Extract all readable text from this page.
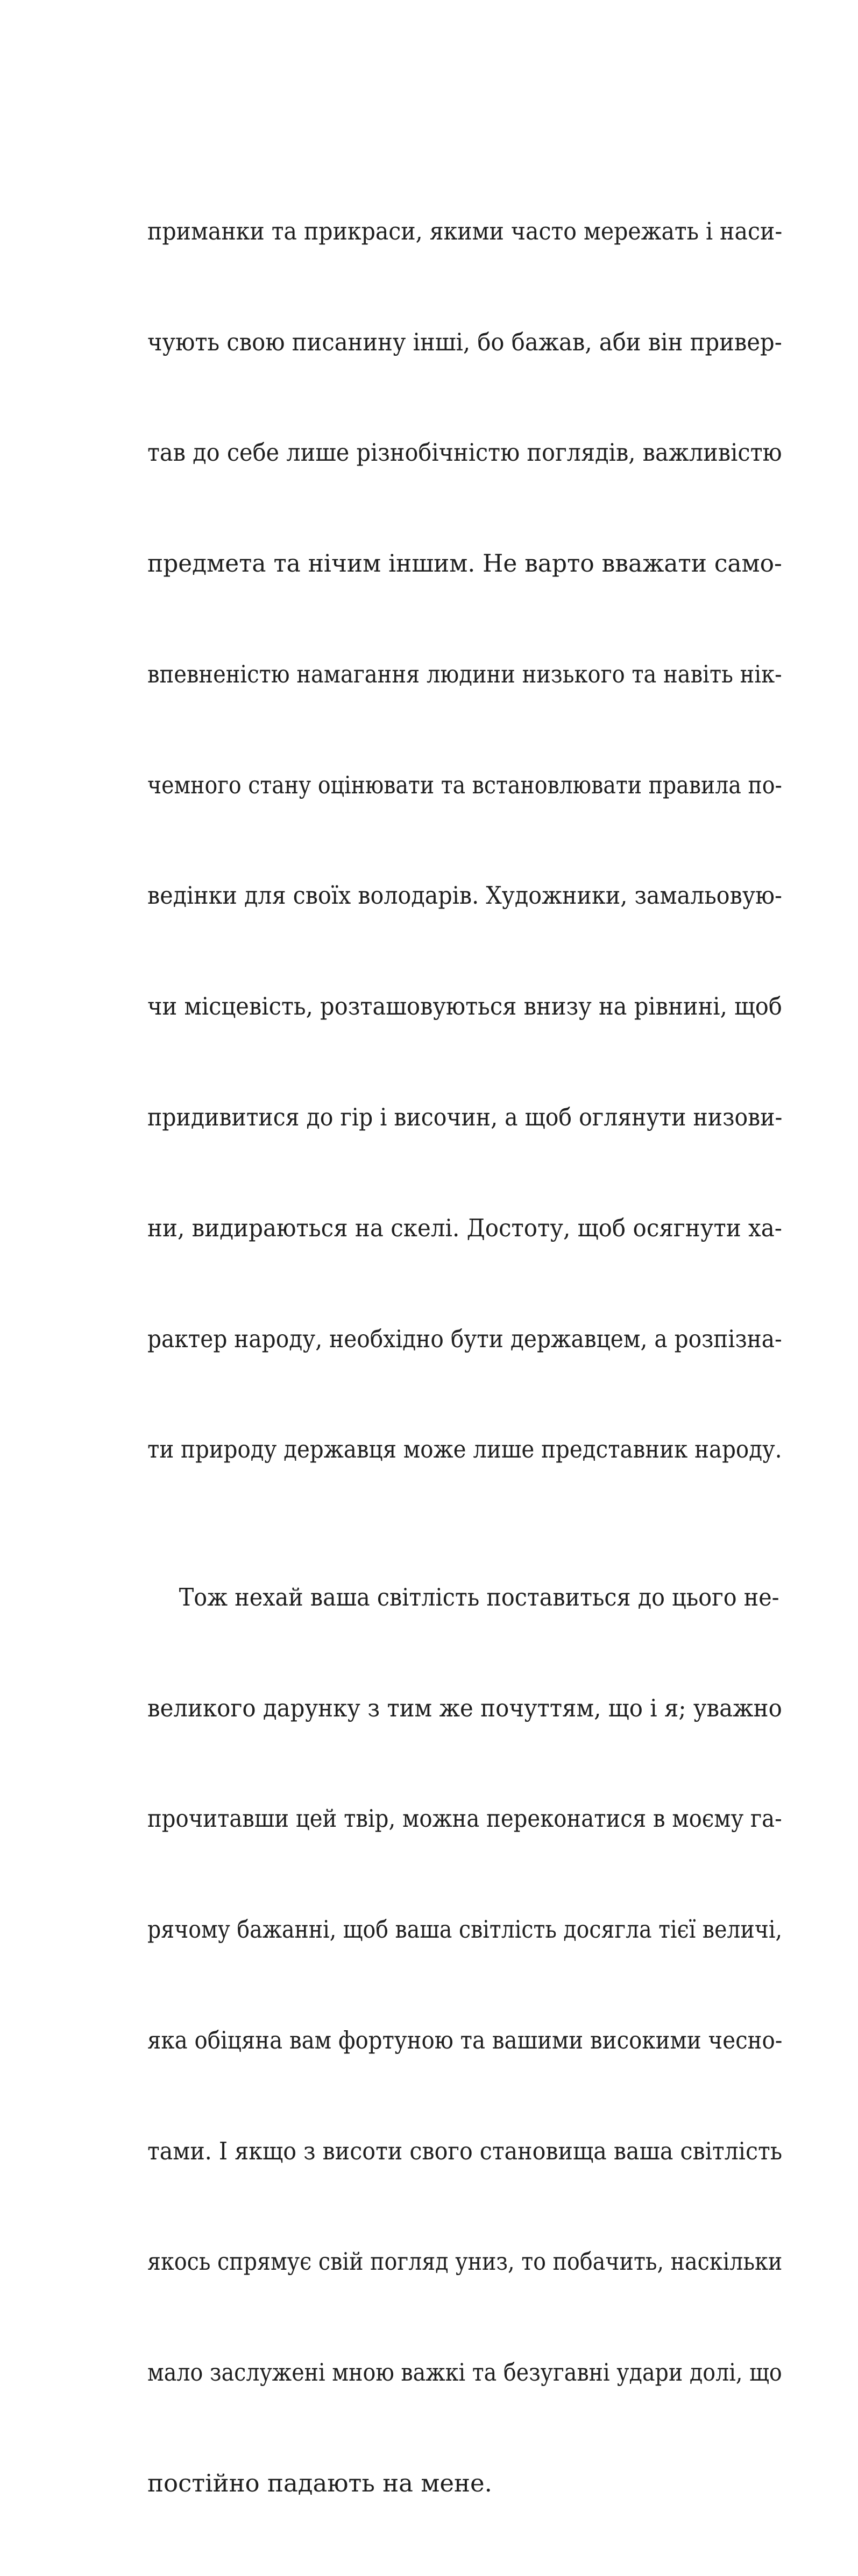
приманки та прикраси, якими часто мережать і наси-

чують свою писанину інші, бо бажав, аби він привер-

тав до себе лише різнобічністю поглядів, важливістю

предмета та нічим іншим. Не варто вважати само-

впевненістю намагання людини низького та навіть нік-

чемного стану оцінювати та встановлювати правила по-

ведінки для своїх володарів. Художники, замальовую-

чи місцевість, розташовуються внизу на рівнині, щоб

придивитися до гір і височин, а щоб оглянути низови-

ни, видираються на скелі. Достоту, щоб осягнути ха-

рактер народу, необхідно бути державцем, а розпізна-

ти природу державця може лише представник народу.

Тож нехай ваша світлість поставиться до цього не-

великого дарунку з тим же почуттям, що і я; уважно

прочитавши цей твір, можна переконатися в моєму га-

рячому бажанні, щоб ваша світлість досягла тієї величі,

яка обіцяна вам фортуною та вашими високими чесно-

тами. І якщо з висоти свого становища ваша світлість

якось спрямує свій погляд униз, то побачить, наскільки

мало заслужені мною важкі та безугавні удари долі, що

постійно падають на мене.
